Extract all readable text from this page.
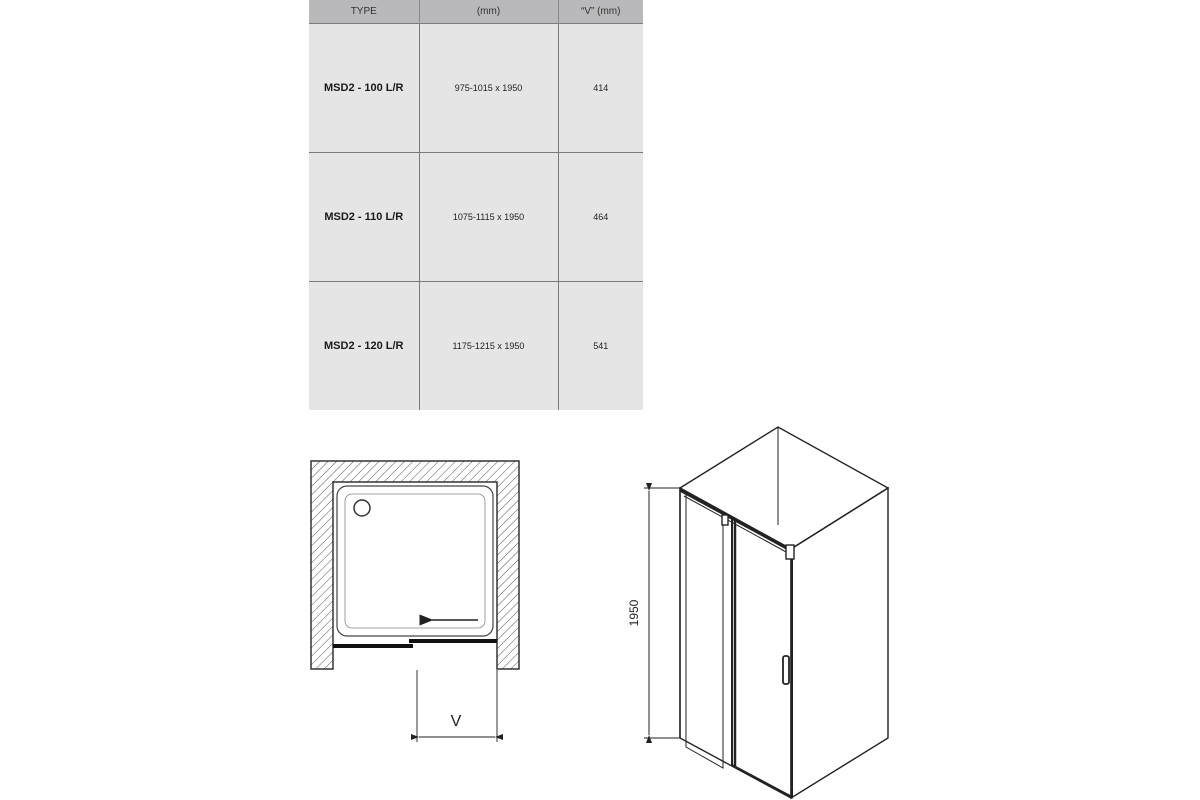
TYPE	(mm)	“V” (mm)
MSD2 - 100 L/R	975-1015 x 1950	414
MSD2 - 110 L/R	1075-1115 x 1950	464
MSD2 - 120 L/R	1175-1215 x 1950	541
V
1950
